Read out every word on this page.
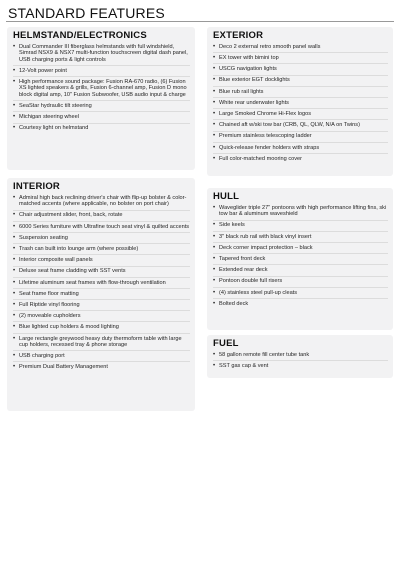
STANDARD FEATURES
HELMSTAND/ELECTRONICS
• Dual Commander III fiberglass helmstands with full windshield, Simrad NSX9 & NSX7 multi-function touchscreen digital dash panel, USB charging ports & light controls
• 12-Volt power point
• High performance sound package: Fusion RA-670 radio, (6) Fusion XS lighted speakers & grills, Fusion 6-channel amp, Fusion D mono block digital amp, 10" Fusion Subwoofer, USB audio input & charge
• SeaStar hydraulic tilt steering
• Michigan steering wheel
• Courtesy light on helmstand
INTERIOR
• Admiral high back reclining driver's chair with flip-up bolster & color-matched accents (where applicable, no bolster on port chair)
• Chair adjustment slider, front, back, rotate
• 6000 Series furniture with Ultrafine touch seat vinyl & quilted accents
• Suspension seating
• Trash can built into lounge arm (where possible)
• Interior composite wall panels
• Deluxe seat frame cladding with SST vents
• Lifetime aluminum seat frames with flow-through ventilation
• Seat frame floor matting
• Full Riptide vinyl flooring
• (2) moveable cupholders
• Blue lighted cup holders & mood lighting
• Large rectangle greywood heavy duty thermoform table with large cup holders, recessed tray & phone storage
• USB charging port
• Premium Dual Battery Management
EXTERIOR
• Deco 2 external retro smooth panel walls
• EX tower with bimini top
• USCG navigation lights
• Blue exterior EGT docklights
• Blue rub rail lights
• White rear underwater lights
• Large Smoked Chrome Hi-Flex logos
• Chained aft w/ski tow bar (CRB, QL, QLW, N/A on Twins)
• Premium stainless telescoping ladder
• Quick-release fender holders with straps
• Full color-matched mooring cover
HULL
• Waveglider triple 27" pontoons with high performance lifting fins, ski tow bar & aluminum waveshield
• Side keels
• 3" black rub rail with black vinyl insert
• Deck corner impact protection – black
• Tapered front deck
• Extended rear deck
• Pontoon double full risers
• (4) stainless steel pull-up cleats
• Bolted deck
FUEL
• 58 gallon remote fill center tube tank
• SST gas cap & vent
